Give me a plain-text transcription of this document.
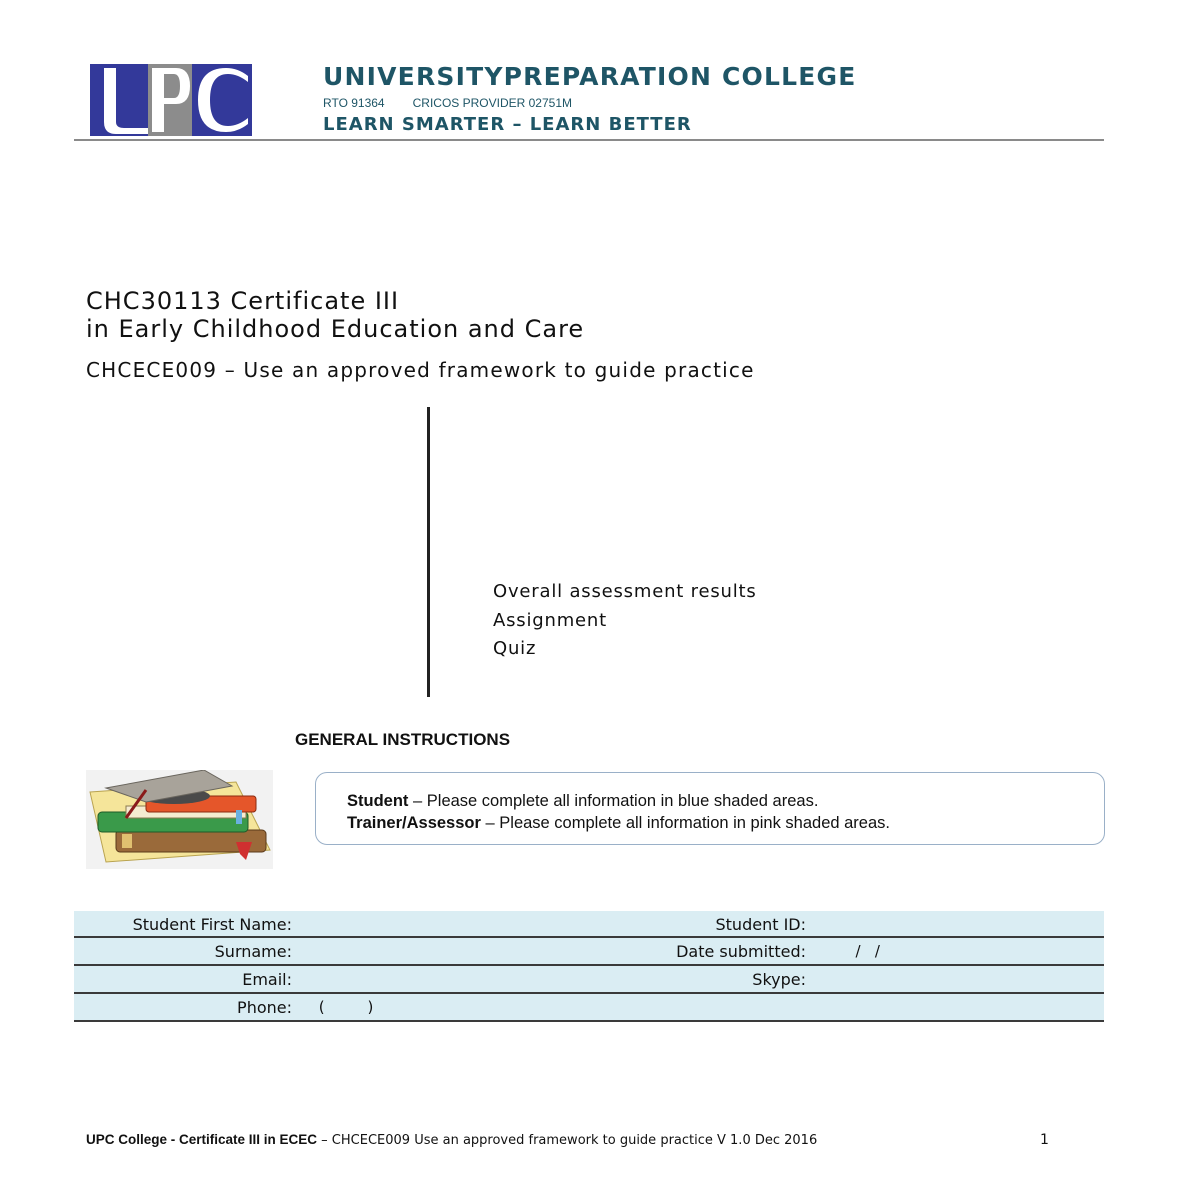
UNIVERSITYPREPARATION COLLEGE
RTO 91364 CRICOS PROVIDER 02751M
LEARN SMARTER – LEARN BETTER
CHC30113 Certificate III
in Early Childhood Education and Care
CHCECE009 – Use an approved framework to guide practice
Overall assessment results
Assignment
Quiz
GENERAL INSTRUCTIONS
Student – Please complete all information in blue shaded areas.
Trainer/Assessor – Please complete all information in pink shaded areas.
Student First Name:	Student ID:
Surname:	Date submitted:	/   /
Email:	Skype:
Phone: (         )
UPC College - Certificate III in ECEC – CHCECE009 Use an approved framework to guide practice V 1.0 Dec 2016	1
